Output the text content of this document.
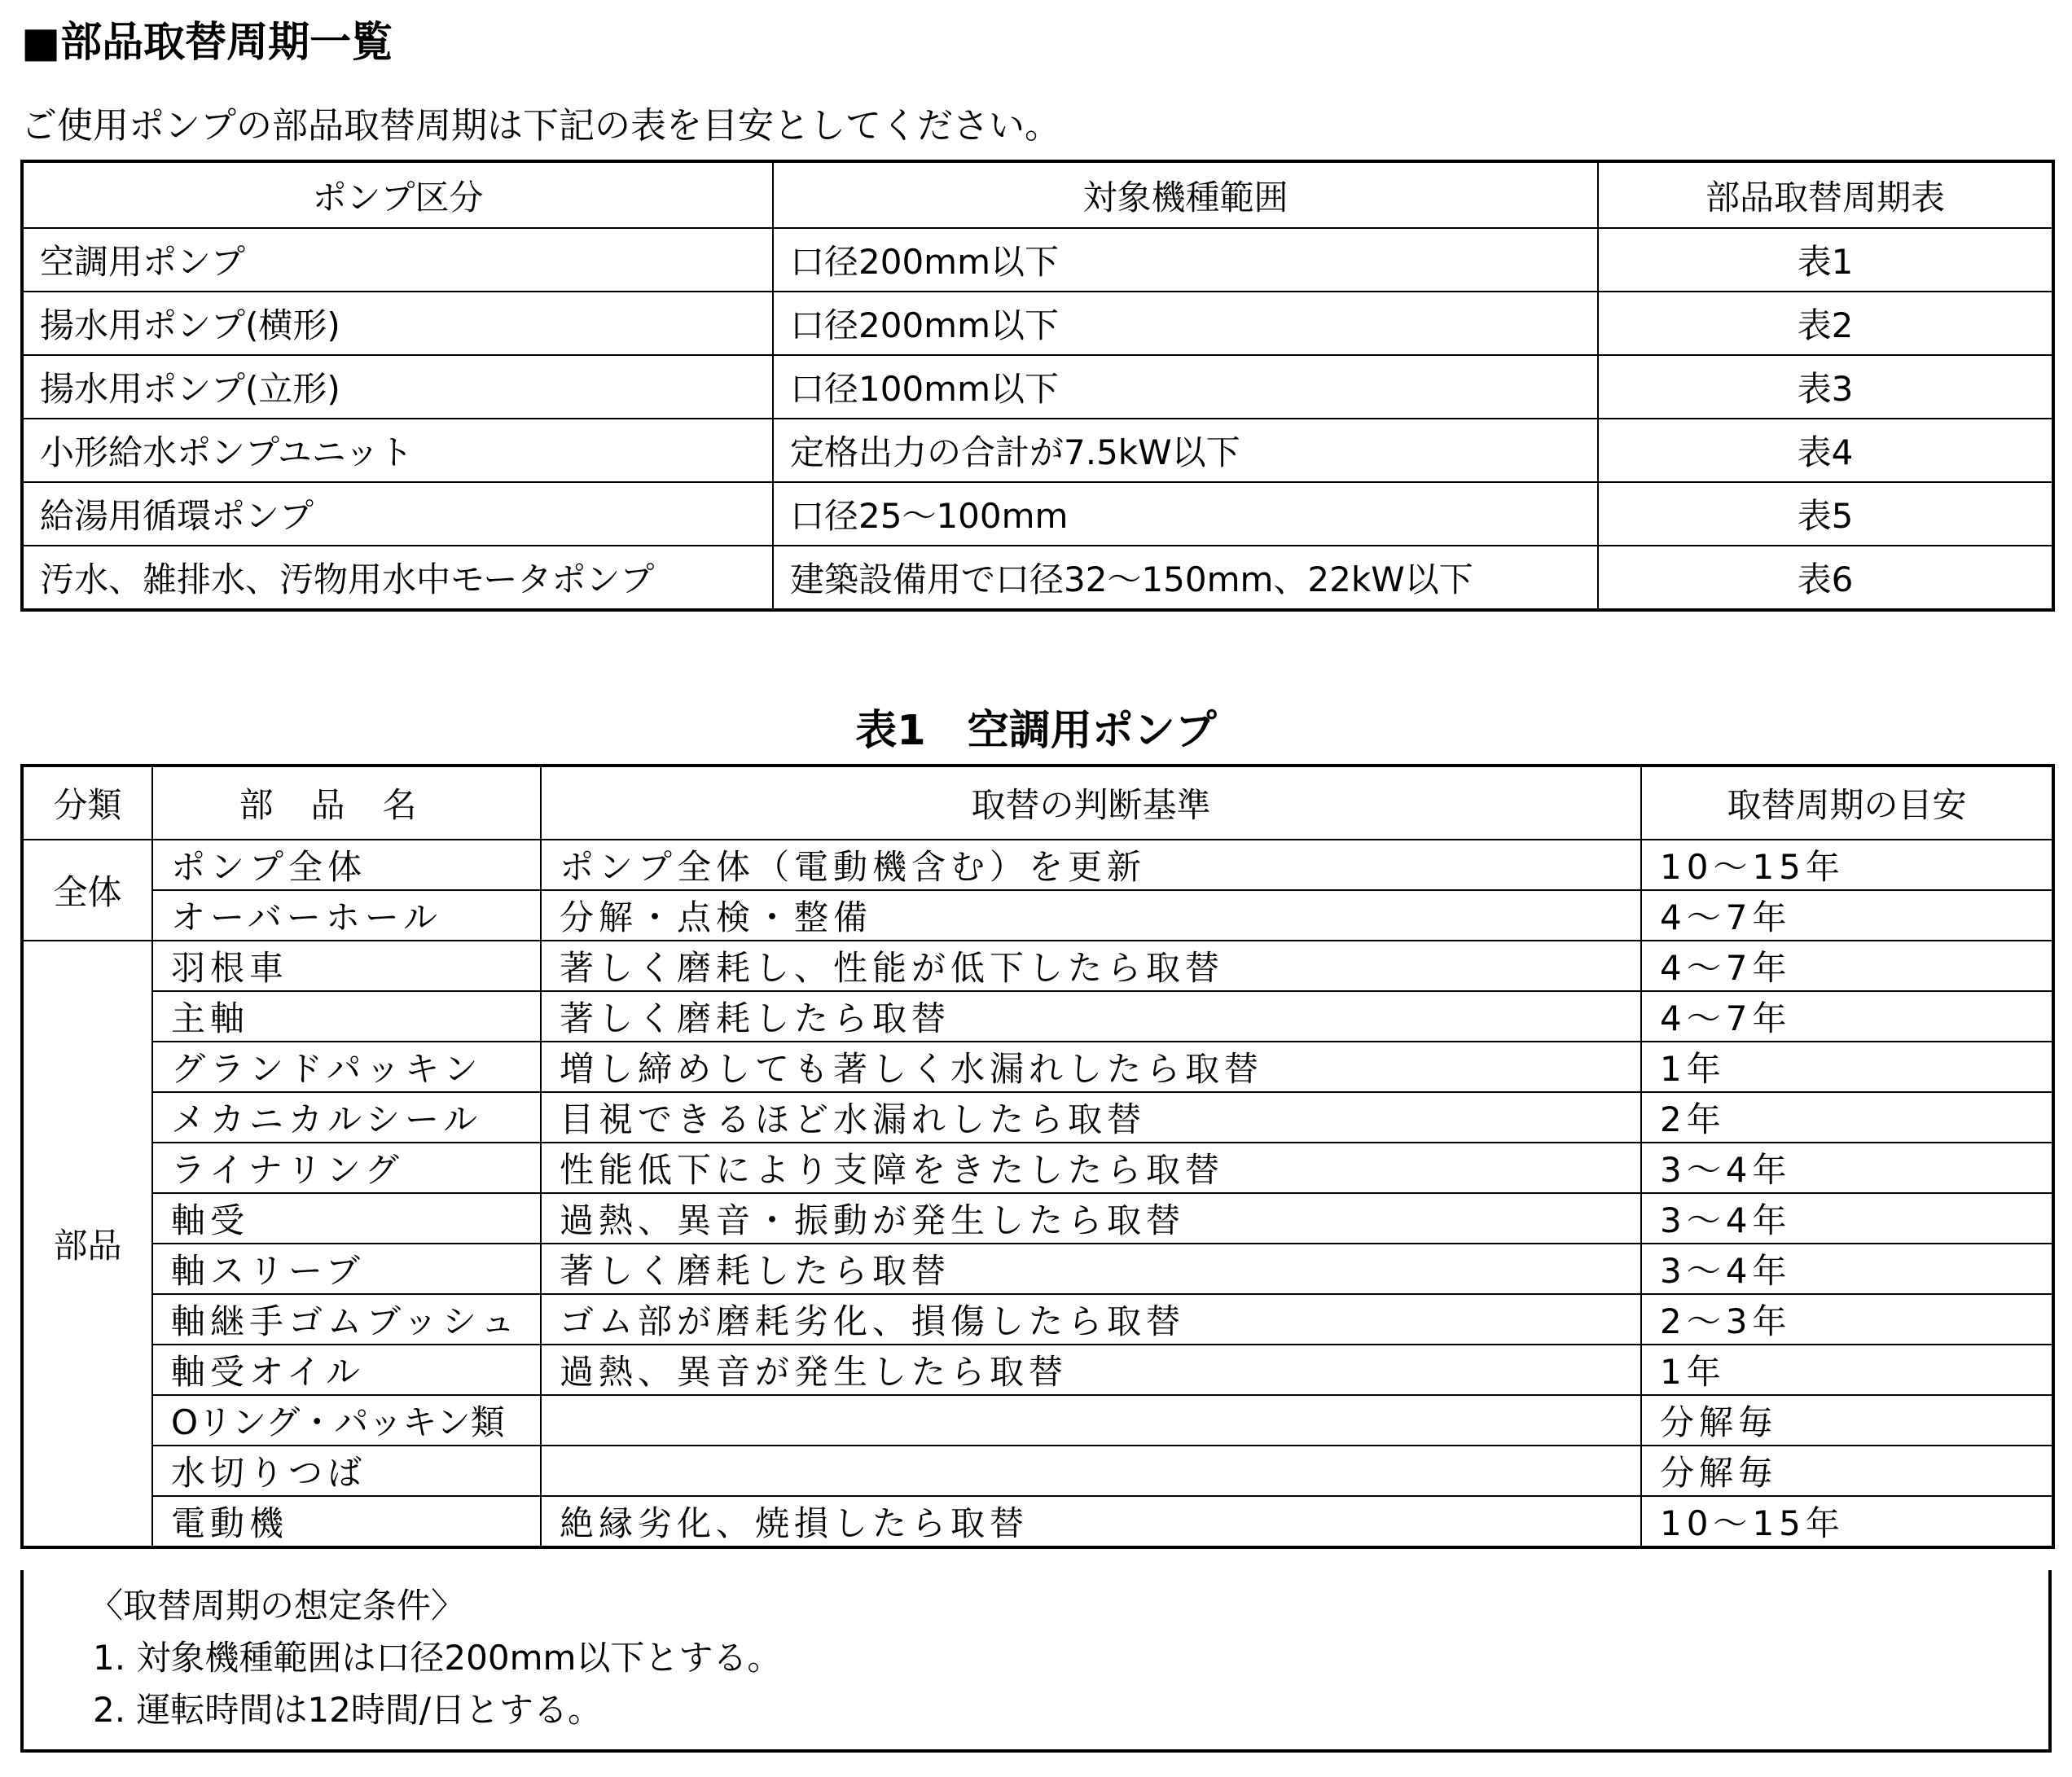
■部品取替周期一覧
ご使用ポンプの部品取替周期は下記の表を目安としてください。
ポンプ区分	対象機種範囲	部品取替周期表
空調用ポンプ	口径200mm以下	表1
揚水用ポンプ(横形)	口径200mm以下	表2
揚水用ポンプ(立形)	口径100mm以下	表3
小形給水ポンプユニット	定格出力の合計が7.5kW以下	表4
給湯用循環ポンプ	口径25〜100mm	表5
汚水、雑排水、汚物用水中モータポンプ	建築設備用で口径32〜150mm、22kW以下	表6
表1　空調用ポンプ
分類	部品名	取替の判断基準	取替周期の目安
全体	ポンプ全体	ポンプ全体（電動機含む）を更新	10〜15年
	オーバーホール	分解・点検・整備	4〜7年
部品	羽根車	著しく磨耗し、性能が低下したら取替	4〜7年
	主軸	著しく磨耗したら取替	4〜7年
	グランドパッキン	増し締めしても著しく水漏れしたら取替	1年
	メカニカルシール	目視できるほど水漏れしたら取替	2年
	ライナリング	性能低下により支障をきたしたら取替	3〜4年
	軸受	過熱、異音・振動が発生したら取替	3〜4年
	軸スリーブ	著しく磨耗したら取替	3〜4年
	軸継手ゴムブッシュ	ゴム部が磨耗劣化、損傷したら取替	2〜3年
	軸受オイル	過熱、異音が発生したら取替	1年
	Oリング・パッキン類		分解毎
	水切りつば		分解毎
	電動機	絶縁劣化、焼損したら取替	10〜15年
〈取替周期の想定条件〉
1. 対象機種範囲は口径200mm以下とする。
2. 運転時間は12時間/日とする。
